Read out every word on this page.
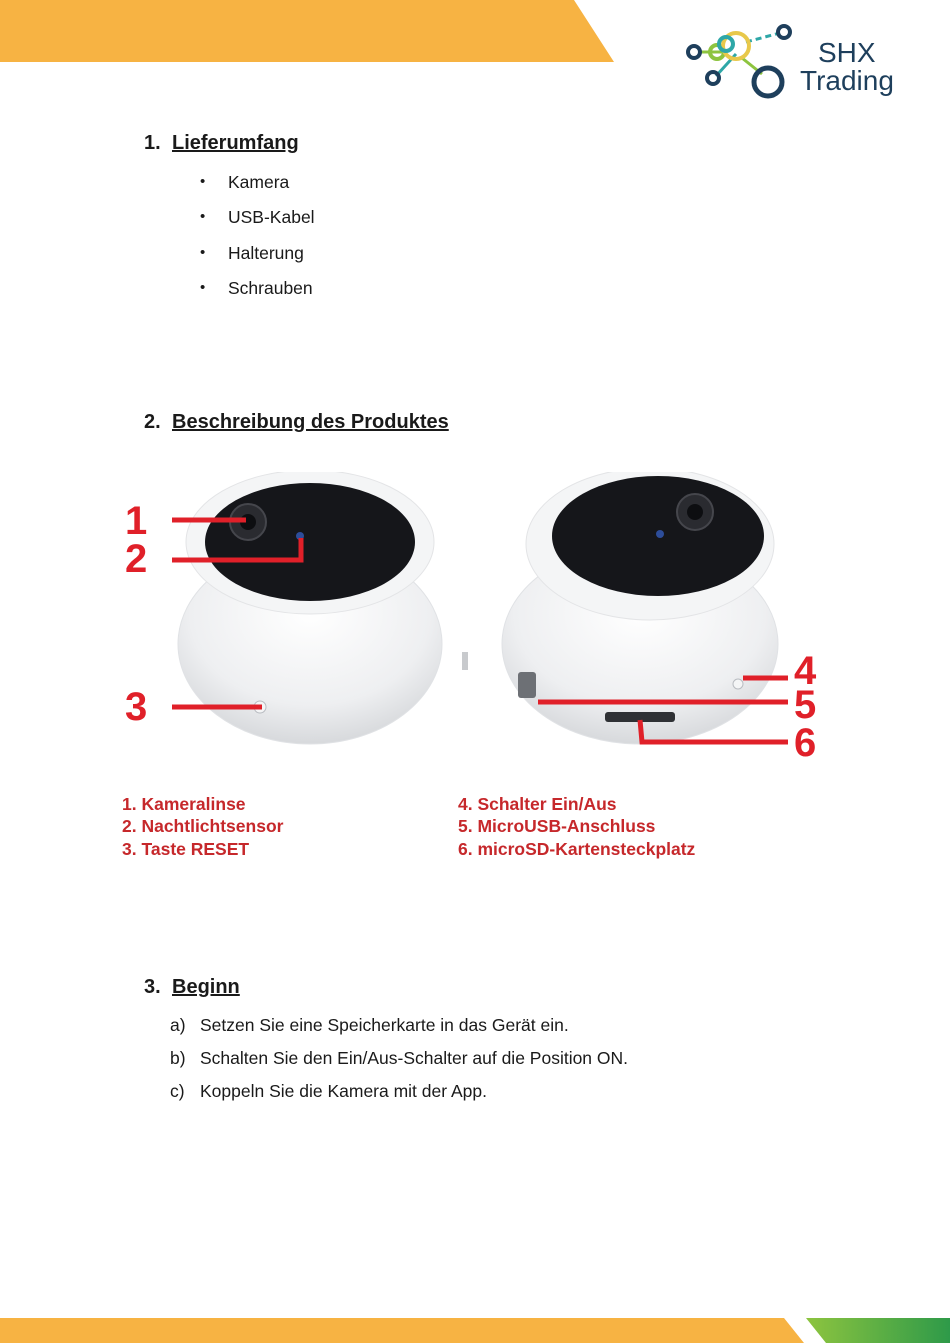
SHX
Trading
1. Lieferumfang
• Kamera
• USB-Kabel
• Halterung
• Schrauben
2. Beschreibung des Produktes
1
2
3
4
5
6
1. Kameralinse
2. Nachtlichtsensor
3. Taste RESET
4. Schalter Ein/Aus
5. MicroUSB-Anschluss
6. microSD-Kartensteckplatz
3. Beginn
a) Setzen Sie eine Speicherkarte in das Gerät ein.
b) Schalten Sie den Ein/Aus-Schalter auf die Position ON.
c) Koppeln Sie die Kamera mit der App.
